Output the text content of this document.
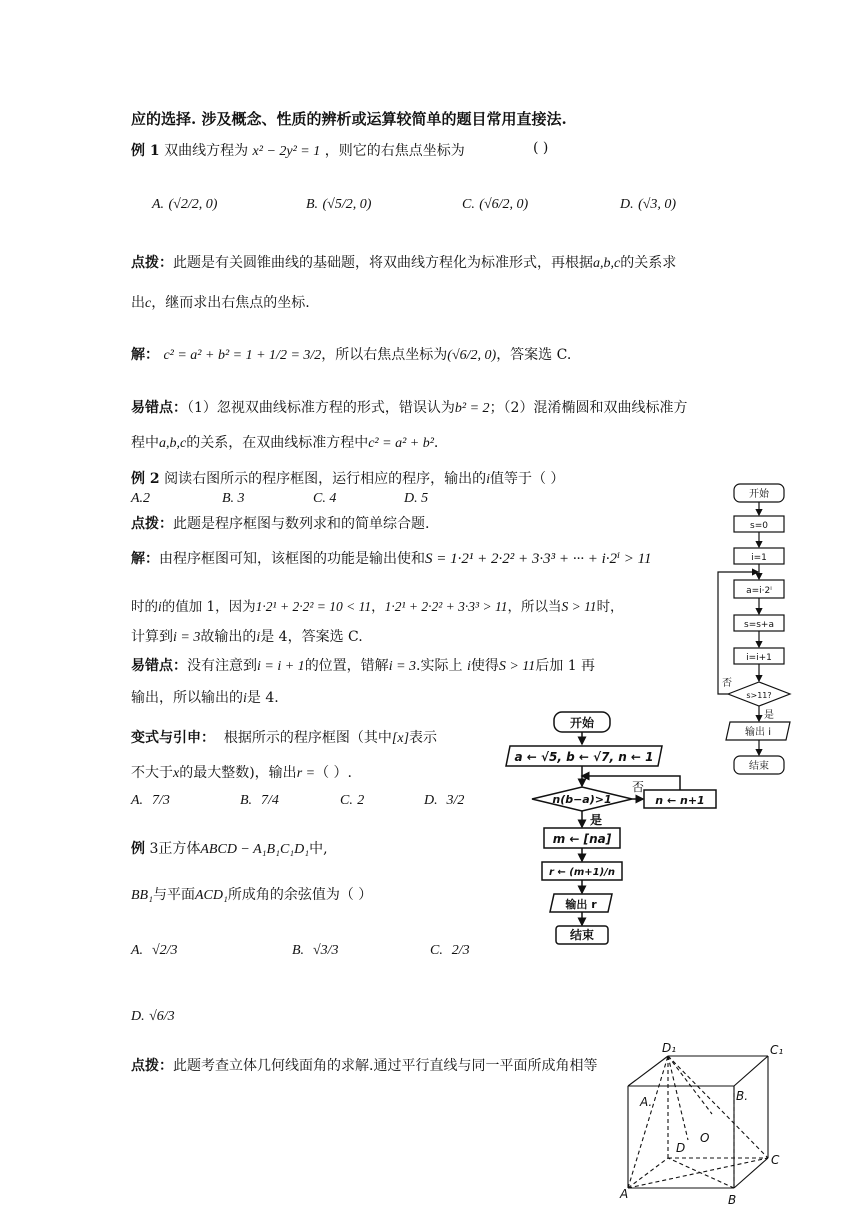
应的选择. 涉及概念、性质的辨析或运算较简单的题目常用直接法.
例 1 双曲线方程为 x² − 2y² = 1 ，则它的右焦点坐标为	( )
A. (√2/2, 0)	B. (√5/2, 0)	C. (√6/2, 0)	D. (√3, 0)
点拨：此题是有关圆锥曲线的基础题，将双曲线方程化为标准形式，再根据a,b,c的关系求
出c，继而求出右焦点的坐标.
解： c² = a² + b² = 1 + 1/2 = 3/2，所以右焦点坐标为(√6/2, 0)，答案选 C.
易错点：（1）忽视双曲线标准方程的形式，错误认为b² = 2；（2）混淆椭圆和双曲线标准方
程中a,b,c的关系，在双曲线标准方程中c² = a² + b².
例 2 阅读右图所示的程序框图，运行相应的程序，输出的i值等于（ ）
A.2	B. 3	C. 4	D. 5
点拨：此题是程序框图与数列求和的简单综合题.
解：由程序框图可知，该框图的功能是输出使和S = 1·2¹ + 2·2² + 3·3³ + ··· + i·2ⁱ > 11
时的i的值加 1，因为1·2¹ + 2·2² = 10 < 11，1·2¹ + 2·2² + 3·3³ > 11，所以当S > 11时，
计算到i = 3故输出的i是 4，答案选 C.
易错点：没有注意到i = i + 1的位置，错解i = 3.实际上 i使得S > 11后加 1 再
输出，所以输出的i是 4.
开始
s=0
i=1
a=i·2ⁱ
s=s+a
i=i+1
s>11?
否
是
输出 i
结束
变式与引申： 根据所示的程序框图（其中[x]表示
不大于x的最大整数)，输出r =（ ）.
A. 7/3	B. 7/4	C. 2	D. 3/2
开始
a ← √5, b ← √7, n ← 1
n(b−a)>1
否
n ← n+1
是
m ← [na]
r ← (m+1)/n
输出 r
结束
例 3正方体ABCD − A₁B₁C₁D₁中,
BB₁与平面ACD₁所成角的余弦值为（ ）
A. √2/3	B. √3/3	C. 2/3
D. √6/3
点拨：此题考查立体几何线面角的求解.通过平行直线与同一平面所成角相等
D₁	C₁
A.	B.
O
D
C
A	B
